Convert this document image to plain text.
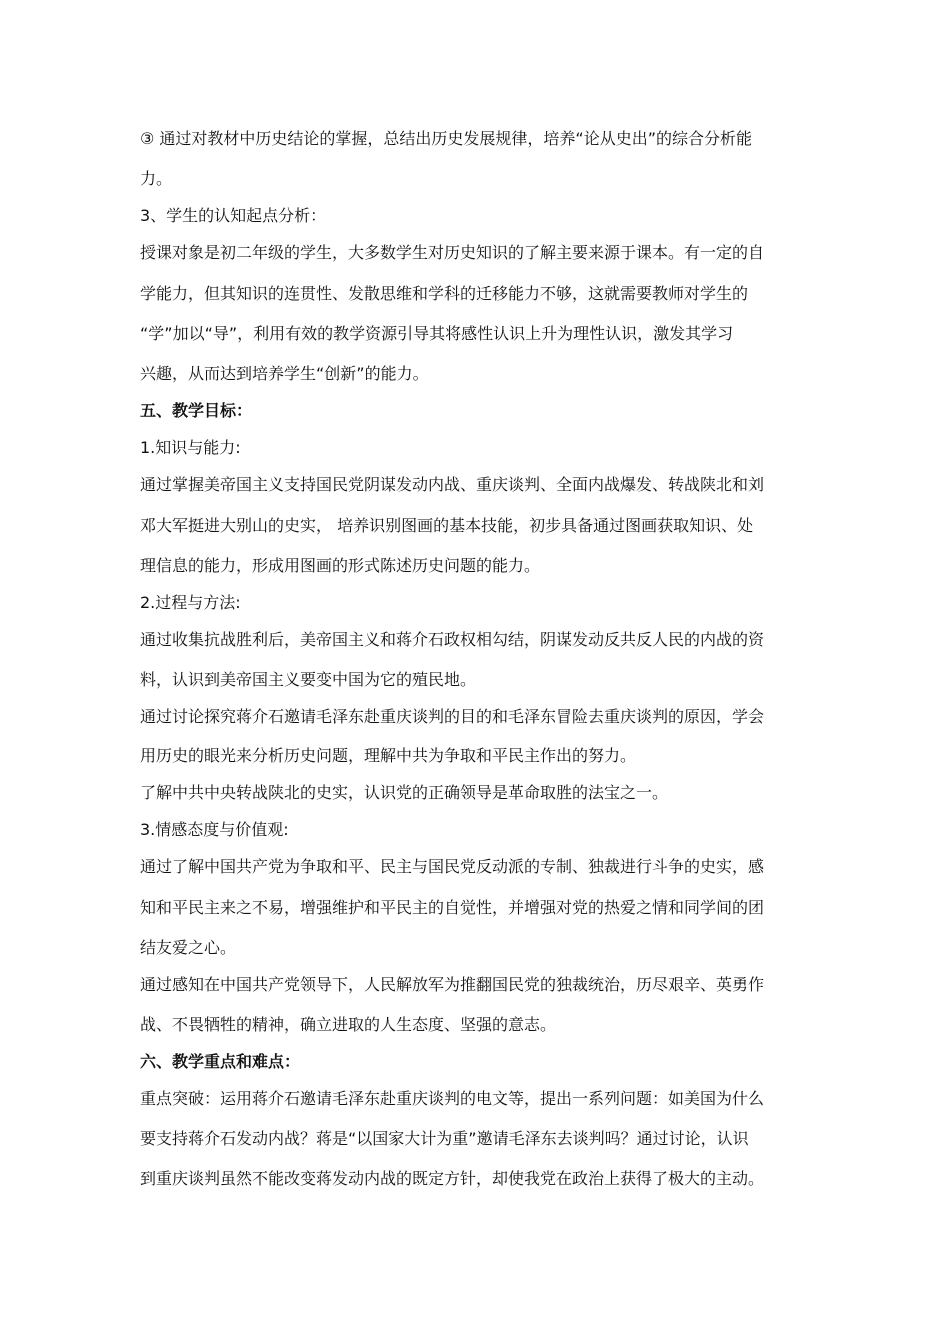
③ 通过对教材中历史结论的掌握，总结出历史发展规律，培养“论从史出”的综合分析能
力。
3、学生的认知起点分析：
授课对象是初二年级的学生，大多数学生对历史知识的了解主要来源于课本。有一定的自
学能力，但其知识的连贯性、发散思维和学科的迁移能力不够，这就需要教师对学生的
“学”加以“导”，利用有效的教学资源引导其将感性认识上升为理性认识，激发其学习
兴趣，从而达到培养学生“创新”的能力。
五、教学目标：
1.知识与能力:
通过掌握美帝国主义支持国民党阴谋发动内战、重庆谈判、全面内战爆发、转战陕北和刘
邓大军挺进大别山的史实， 培养识别图画的基本技能，初步具备通过图画获取知识、处
理信息的能力，形成用图画的形式陈述历史问题的能力。
2.过程与方法:
通过收集抗战胜利后，美帝国主义和蒋介石政权相勾结，阴谋发动反共反人民的内战的资
料，认识到美帝国主义要变中国为它的殖民地。
通过讨论探究蒋介石邀请毛泽东赴重庆谈判的目的和毛泽东冒险去重庆谈判的原因，学会
用历史的眼光来分析历史问题，理解中共为争取和平民主作出的努力。
了解中共中央转战陕北的史实，认识党的正确领导是革命取胜的法宝之一。
3.情感态度与价值观:
通过了解中国共产党为争取和平、民主与国民党反动派的专制、独裁进行斗争的史实，感
知和平民主来之不易，增强维护和平民主的自觉性，并增强对党的热爱之情和同学间的团
结友爱之心。
通过感知在中国共产党领导下，人民解放军为推翻国民党的独裁统治，历尽艰辛、英勇作
战、不畏牺牲的精神，确立进取的人生态度、坚强的意志。
六、教学重点和难点：
重点突破：运用蒋介石邀请毛泽东赴重庆谈判的电文等，提出一系列问题：如美国为什么
要支持蒋介石发动内战？蒋是“以国家大计为重”邀请毛泽东去谈判吗？通过讨论，认识
到重庆谈判虽然不能改变蒋发动内战的既定方针，却使我党在政治上获得了极大的主动。
